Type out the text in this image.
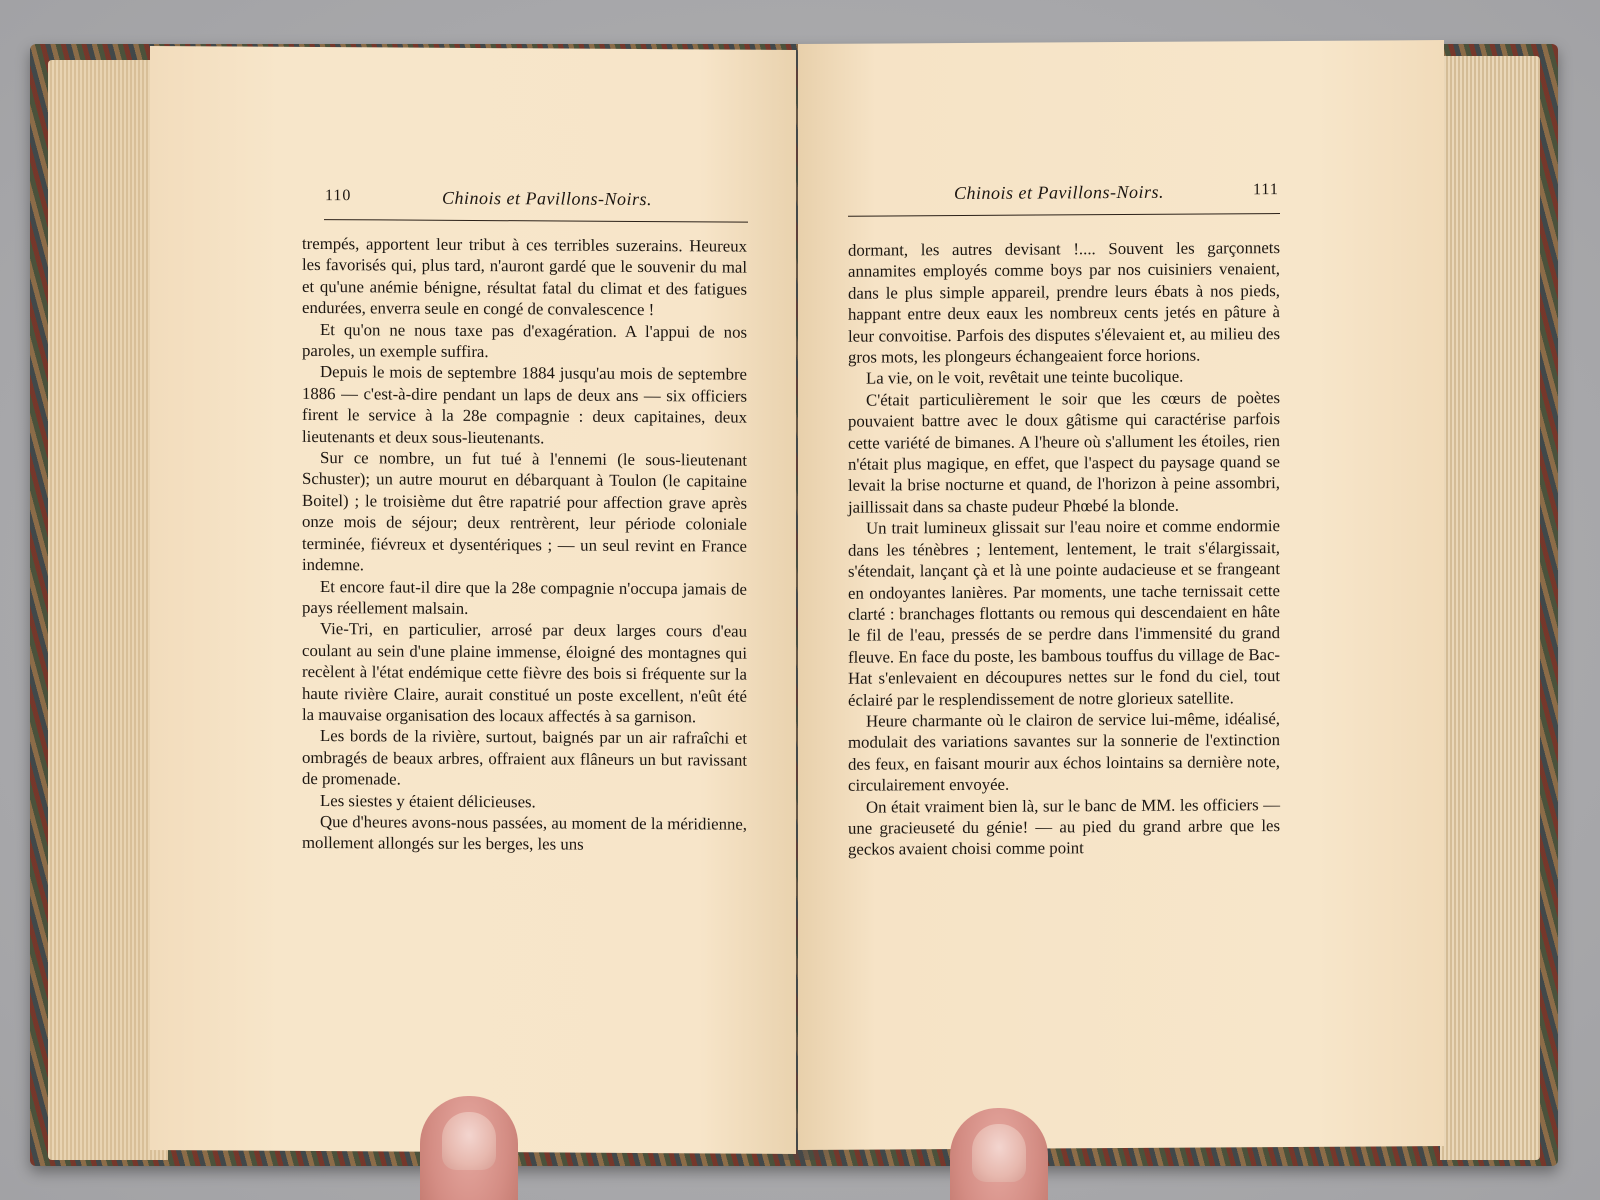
110	Chinois et Pavillons-Noirs.

trempés, apportent leur tribut à ces terribles suzerains. Heureux les favorisés qui, plus tard, n'auront gardé que le souvenir du mal et qu'une anémie bénigne, résultat fatal du climat et des fatigues endurées, enverra seule en congé de convalescence !

Et qu'on ne nous taxe pas d'exagération. A l'appui de nos paroles, un exemple suffira.

Depuis le mois de septembre 1884 jusqu'au mois de septembre 1886 — c'est-à-dire pendant un laps de deux ans — six officiers firent le service à la 28e compagnie : deux capitaines, deux lieutenants et deux sous-lieutenants.

Sur ce nombre, un fut tué à l'ennemi (le sous-lieutenant Schuster); un autre mourut en débarquant à Toulon (le capitaine Boitel) ; le troisième dut être rapatrié pour affection grave après onze mois de séjour; deux rentrèrent, leur période coloniale terminée, fiévreux et dysentériques ; — un seul revint en France indemne.

Et encore faut-il dire que la 28e compagnie n'occupa jamais de pays réellement malsain.

Vie-Tri, en particulier, arrosé par deux larges cours d'eau coulant au sein d'une plaine immense, éloigné des montagnes qui recèlent à l'état endémique cette fièvre des bois si fréquente sur la haute rivière Claire, aurait constitué un poste excellent, n'eût été la mauvaise organisation des locaux affectés à sa garnison.

Les bords de la rivière, surtout, baignés par un air rafraîchi et ombragés de beaux arbres, offraient aux flâneurs un but ravissant de promenade.

Les siestes y étaient délicieuses.

Que d'heures avons-nous passées, au moment de la méridienne, mollement allongés sur les berges, les uns

Chinois et Pavillons-Noirs.	111

dormant, les autres devisant !.... Souvent les garçonnets annamites employés comme boys par nos cuisiniers venaient, dans le plus simple appareil, prendre leurs ébats à nos pieds, happant entre deux eaux les nombreux cents jetés en pâture à leur convoitise. Parfois des disputes s'élevaient et, au milieu des gros mots, les plongeurs échangeaient force horions.

La vie, on le voit, revêtait une teinte bucolique.

C'était particulièrement le soir que les cœurs de poètes pouvaient battre avec le doux gâtisme qui caractérise parfois cette variété de bimanes. A l'heure où s'allument les étoiles, rien n'était plus magique, en effet, que l'aspect du paysage quand se levait la brise nocturne et quand, de l'horizon à peine assombri, jaillissait dans sa chaste pudeur Phœbé la blonde.

Un trait lumineux glissait sur l'eau noire et comme endormie dans les ténèbres ; lentement, lentement, le trait s'élargissait, s'étendait, lançant çà et là une pointe audacieuse et se frangeant en ondoyantes lanières. Par moments, une tache ternissait cette clarté : branchages flottants ou remous qui descendaient en hâte le fil de l'eau, pressés de se perdre dans l'immensité du grand fleuve. En face du poste, les bambous touffus du village de Bac-Hat s'enlevaient en découpures nettes sur le fond du ciel, tout éclairé par le resplendissement de notre glorieux satellite.

Heure charmante où le clairon de service lui-même, idéalisé, modulait des variations savantes sur la sonnerie de l'extinction des feux, en faisant mourir aux échos lointains sa dernière note, circulairement envoyée.

On était vraiment bien là, sur le banc de MM. les officiers — une gracieuseté du génie! — au pied du grand arbre que les geckos avaient choisi comme point
